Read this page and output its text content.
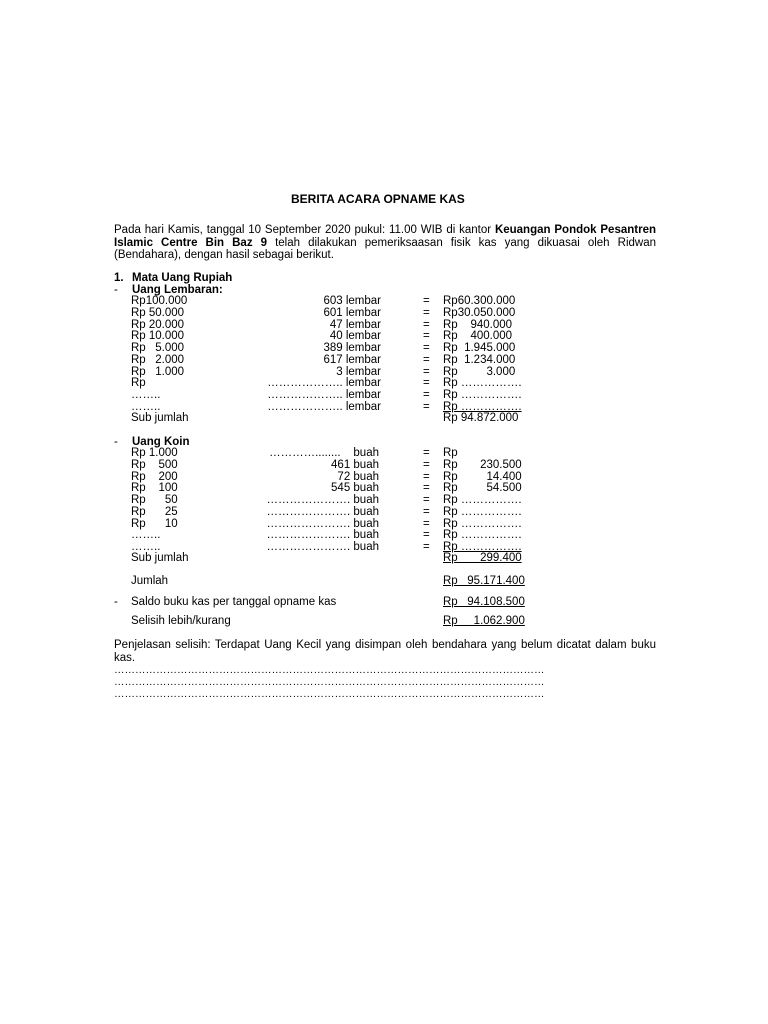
BERITA ACARA OPNAME KAS
Pada hari Kamis, tanggal 10 September 2020 pukul: 11.00 WIB di kantor Keuangan Pondok Pesantren Islamic Centre Bin Baz 9 telah dilakukan pemeriksaasan fisik kas yang dikuasai oleh Ridwan (Bendahara), dengan hasil sebagai berikut.
1. Mata Uang Rupiah
- Uang Lembaran:
Rp100.000	603 lembar	= Rp60.300.000
Rp 50.000	601 lembar	= Rp30.050.000
Rp 20.000	47 lembar	= Rp    940.000
Rp 10.000	40 lembar	= Rp    400.000
Rp   5.000	389 lembar	= Rp  1.945.000
Rp   2.000	617 lembar	= Rp  1.234.000
Rp   1.000	3 lembar	= Rp         3.000
Rp	……………….. lembar	= Rp …………….
……..	……………….. lembar	= Rp …………….
……..	……………….. lembar	= Rp …………….
Sub jumlah	Rp 94.872.000
- Uang Koin
Rp 1.000	…………........    buah	= Rp
Rp    500	461 buah	= Rp       230.500
Rp    200	72 buah	= Rp         14.400
Rp    100	545 buah	= Rp         54.500
Rp      50	…………………. buah	= Rp …………….
Rp      25	…………………. buah	= Rp …………….
Rp      10	…………………. buah	= Rp …………….
……..	…………………. buah	= Rp …………….
……..	…………………. buah	= Rp …………….
Sub jumlah	Rp       299.400
Jumlah	Rp   95.171.400
- Saldo buku kas per tanggal opname kas	Rp   94.108.500
Selisih lebih/kurang	Rp     1.062.900
Penjelasan selisih: Terdapat Uang Kecil yang disimpan oleh bendahara yang belum dicatat dalam buku kas.
……………………………………………………………………………………………………………
……………………………………………………………………………………………………………
……………………………………………………………………………………………………………
